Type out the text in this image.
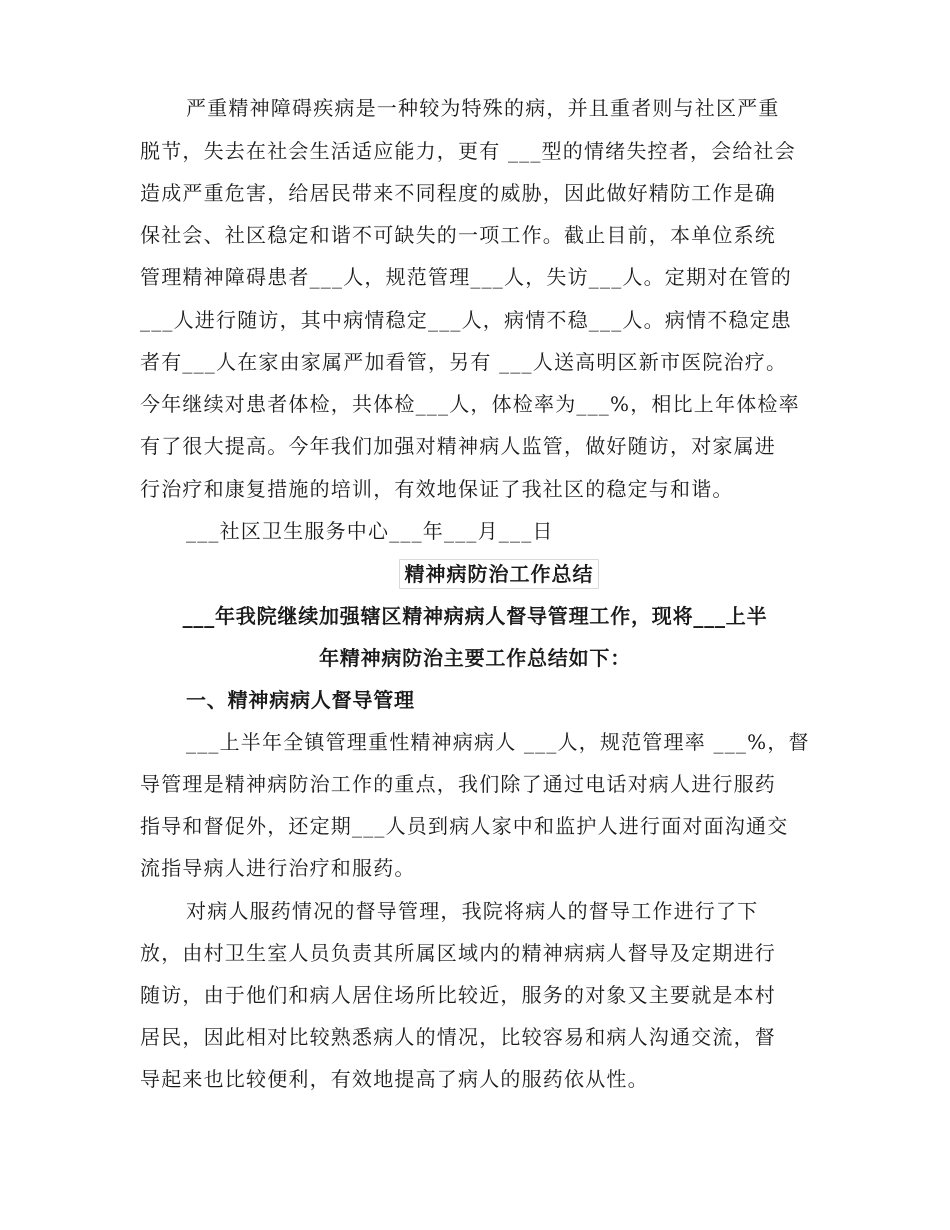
严重精神障碍疾病是一种较为特殊的病，并且重者则与社区严重
脱节，失去在社会生活适应能力，更有 ___型的情绪失控者，会给社会
造成严重危害，给居民带来不同程度的威胁，因此做好精防工作是确
保社会、社区稳定和谐不可缺失的一项工作。截止目前，本单位系统
管理精神障碍患者___人，规范管理___人，失访___人。定期对在管的
___人进行随访，其中病情稳定___人，病情不稳___人。病情不稳定患
者有___人在家由家属严加看管，另有 ___人送高明区新市医院治疗。
今年继续对患者体检，共体检___人，体检率为___%，相比上年体检率
有了很大提高。今年我们加强对精神病人监管，做好随访，对家属进
行治疗和康复措施的培训，有效地保证了我社区的稳定与和谐。
___社区卫生服务中心___年___月___日
精神病防治工作总结
___年我院继续加强辖区精神病病人督导管理工作，现将___上半
年精神病防治主要工作总结如下：
一、精神病病人督导管理
___上半年全镇管理重性精神病病人 ___人，规范管理率 ___%，督
导管理是精神病防治工作的重点，我们除了通过电话对病人进行服药
指导和督促外，还定期___人员到病人家中和监护人进行面对面沟通交
流指导病人进行治疗和服药。
对病人服药情况的督导管理，我院将病人的督导工作进行了下
放，由村卫生室人员负责其所属区域内的精神病病人督导及定期进行
随访，由于他们和病人居住场所比较近，服务的对象又主要就是本村
居民，因此相对比较熟悉病人的情况，比较容易和病人沟通交流，督
导起来也比较便利，有效地提高了病人的服药依从性。
